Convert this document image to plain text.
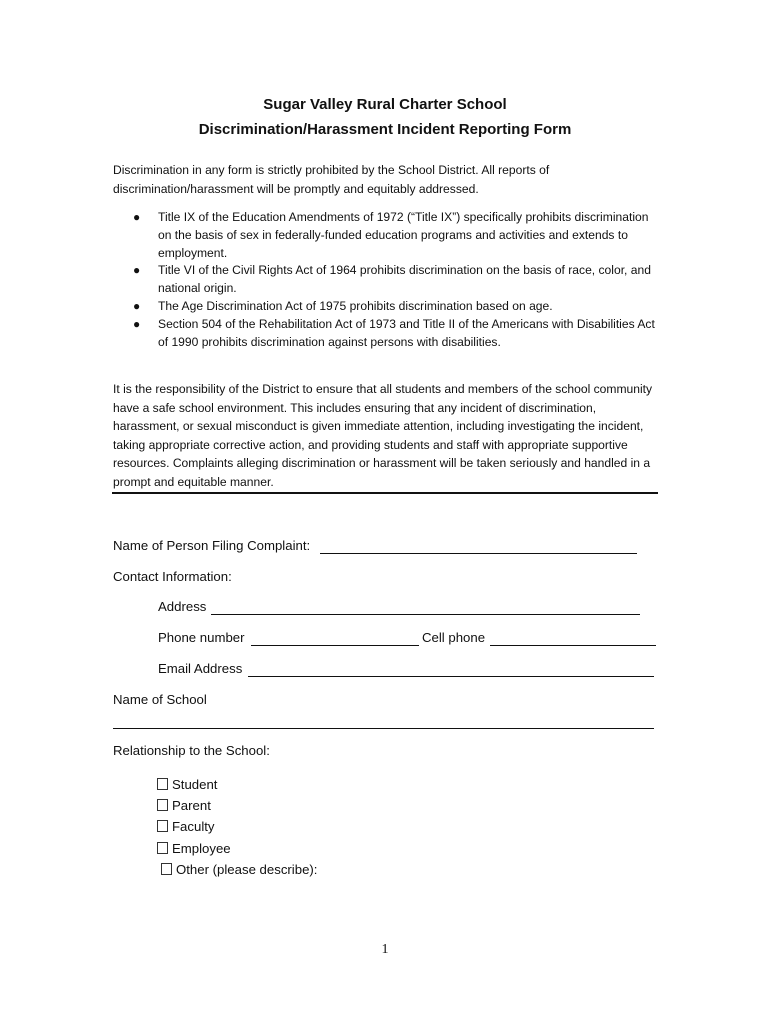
Sugar Valley Rural Charter School
Discrimination/Harassment Incident Reporting Form
Discrimination in any form is strictly prohibited by the School District. All reports of discrimination/harassment will be promptly and equitably addressed.
● Title IX of the Education Amendments of 1972 (“Title IX”) specifically prohibits discrimination on the basis of sex in federally-funded education programs and activities and extends to employment.
● Title VI of the Civil Rights Act of 1964 prohibits discrimination on the basis of race, color, and national origin.
● The Age Discrimination Act of 1975 prohibits discrimination based on age.
● Section 504 of the Rehabilitation Act of 1973 and Title II of the Americans with Disabilities Act of 1990 prohibits discrimination against persons with disabilities.
It is the responsibility of the District to ensure that all students and members of the school community have a safe school environment. This includes ensuring that any incident of discrimination, harassment, or sexual misconduct is given immediate attention, including investigating the incident, taking appropriate corrective action, and providing students and staff with appropriate supportive resources. Complaints alleging discrimination or harassment will be taken seriously and handled in a prompt and equitable manner.
Name of Person Filing Complaint:
Contact Information:
Address
Phone number	Cell phone
Email Address
Name of School
Relationship to the School:
Student
Parent
Faculty
Employee
Other (please describe):
1
